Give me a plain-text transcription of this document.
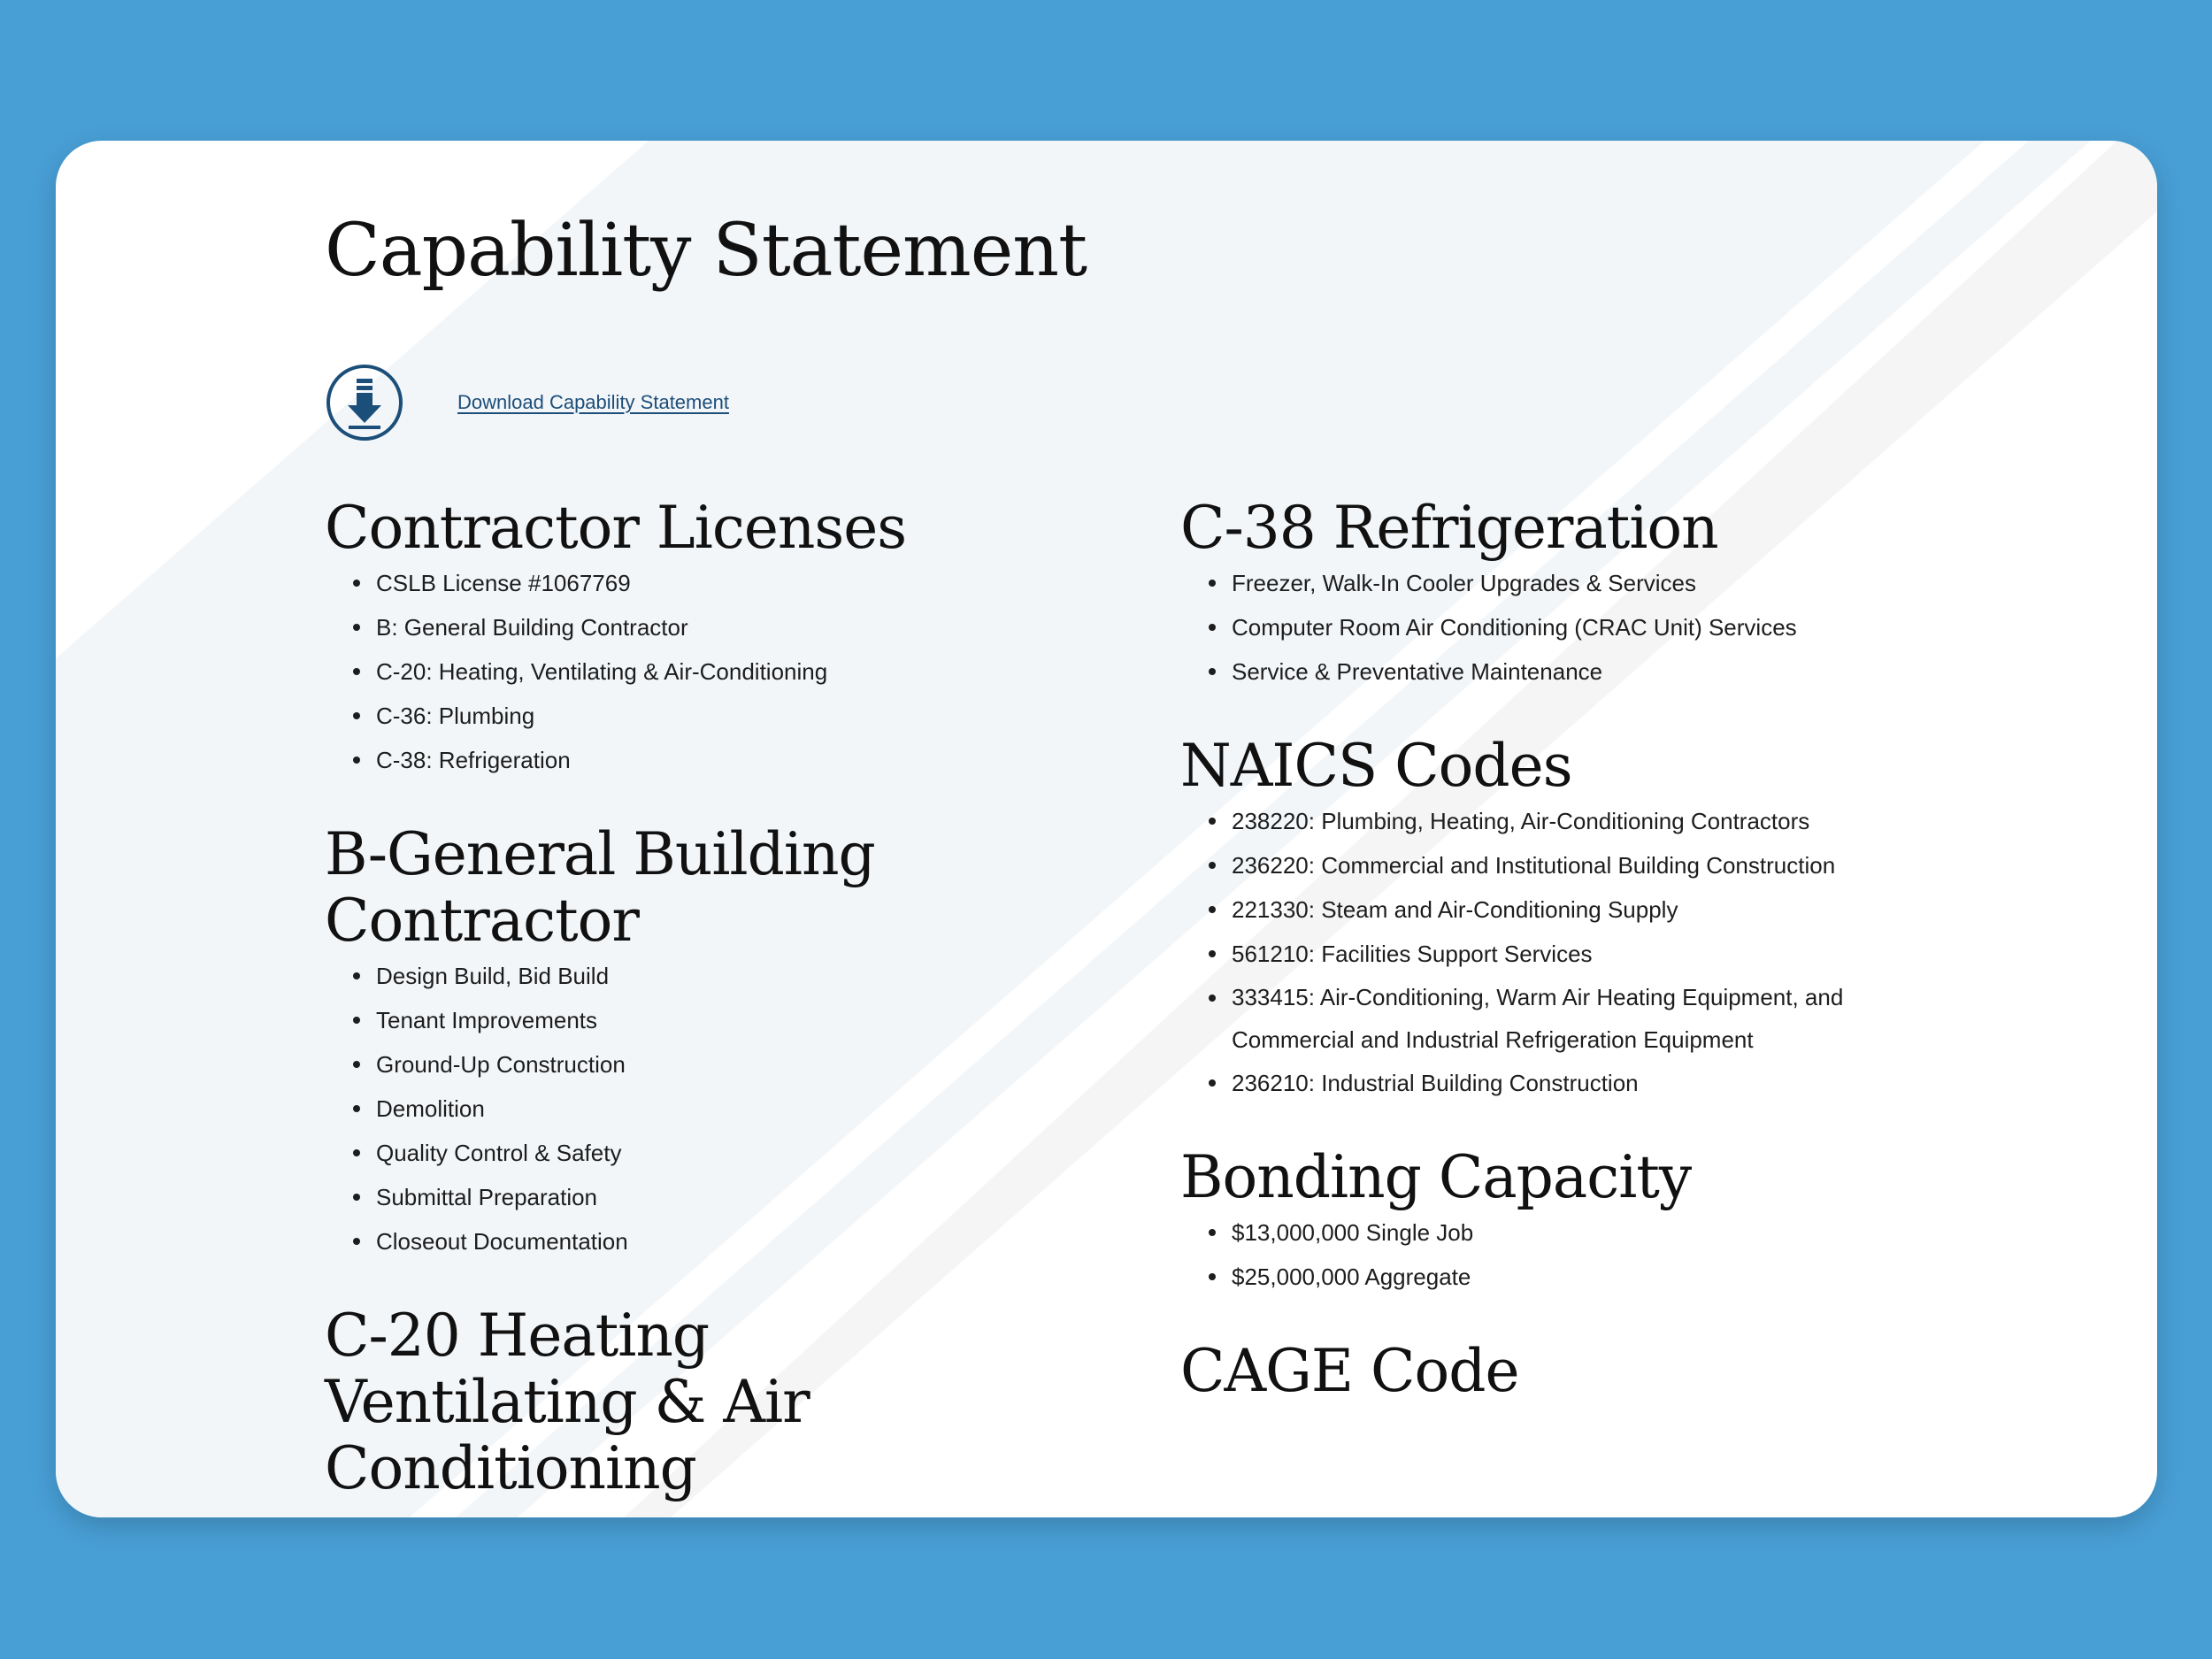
Capability Statement
Download Capability Statement
Contractor Licenses
CSLB License #1067769
B: General Building Contractor
C-20: Heating, Ventilating & Air-Conditioning
C-36: Plumbing
C-38: Refrigeration
B-General Building Contractor
Design Build, Bid Build
Tenant Improvements
Ground-Up Construction
Demolition
Quality Control & Safety
Submittal Preparation
Closeout Documentation
C-20 Heating Ventilating & Air Conditioning
C-38 Refrigeration
Freezer, Walk-In Cooler Upgrades & Services
Computer Room Air Conditioning (CRAC Unit) Services
Service & Preventative Maintenance
NAICS Codes
238220: Plumbing, Heating, Air-Conditioning Contractors
236220: Commercial and Institutional Building Construction
221330: Steam and Air-Conditioning Supply
561210: Facilities Support Services
333415: Air-Conditioning, Warm Air Heating Equipment, and Commercial and Industrial Refrigeration Equipment
236210: Industrial Building Construction
Bonding Capacity
$13,000,000 Single Job
$25,000,000 Aggregate
CAGE Code
